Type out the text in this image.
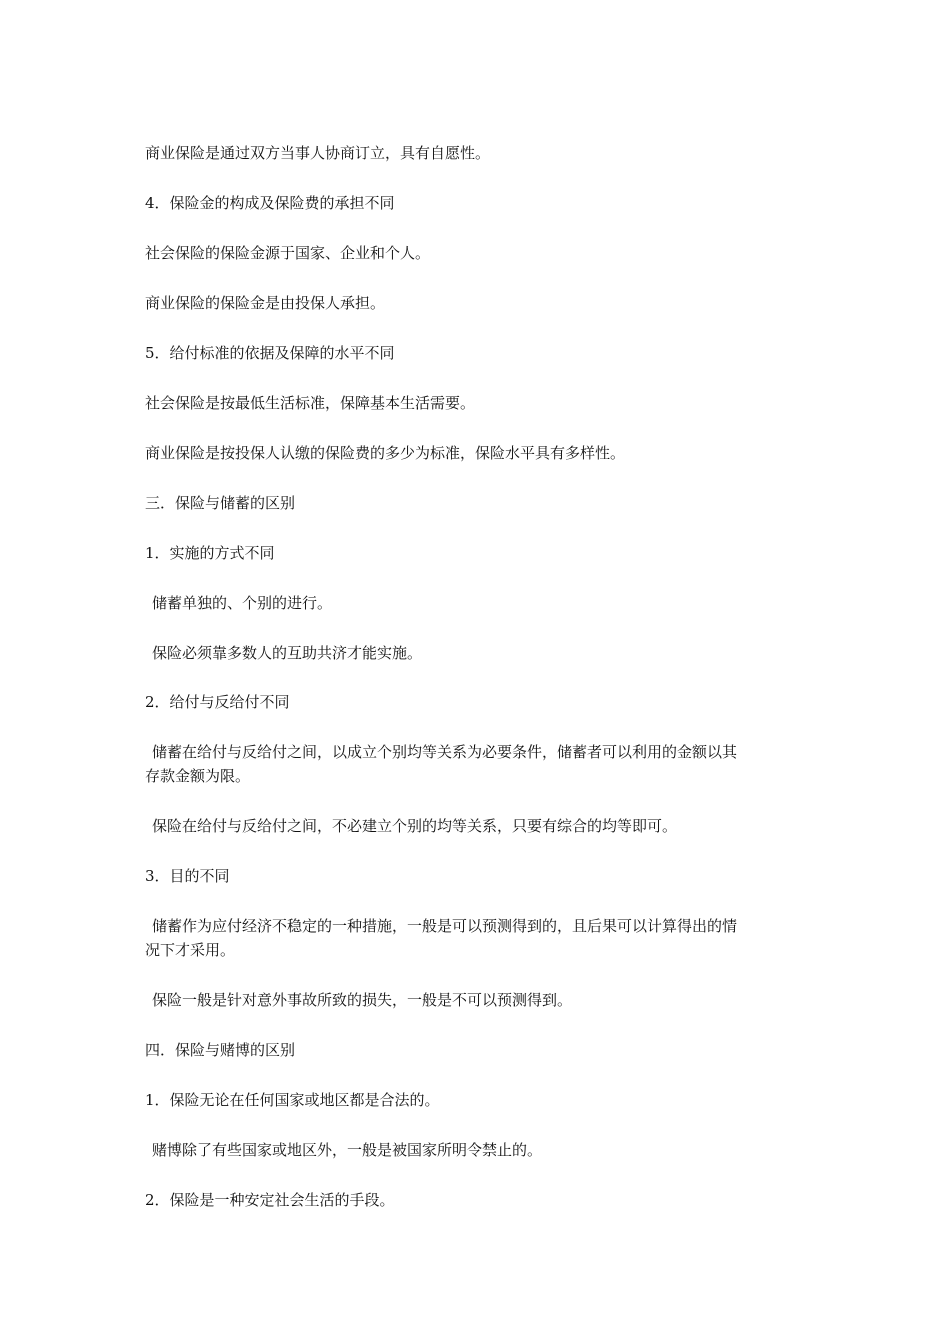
商业保险是通过双方当事人协商订立，具有自愿性。
4．保险金的构成及保险费的承担不同
社会保险的保险金源于国家、企业和个人。
商业保险的保险金是由投保人承担。
5．给付标准的依据及保障的水平不同
社会保险是按最低生活标准，保障基本生活需要。
商业保险是按投保人认缴的保险费的多少为标准，保险水平具有多样性。
三．保险与储蓄的区别
1．实施的方式不同
储蓄单独的、个别的进行。
保险必须靠多数人的互助共济才能实施。
2．给付与反给付不同
储蓄在给付与反给付之间，以成立个别均等关系为必要条件，储蓄者可以利用的金额以其
存款金额为限。
保险在给付与反给付之间，不必建立个别的均等关系，只要有综合的均等即可。
3．目的不同
储蓄作为应付经济不稳定的一种措施，一般是可以预测得到的，且后果可以计算得出的情
况下才采用。
保险一般是针对意外事故所致的损失，一般是不可以预测得到。
四．保险与赌博的区别
1．保险无论在任何国家或地区都是合法的。
赌博除了有些国家或地区外，一般是被国家所明令禁止的。
2．保险是一种安定社会生活的手段。
